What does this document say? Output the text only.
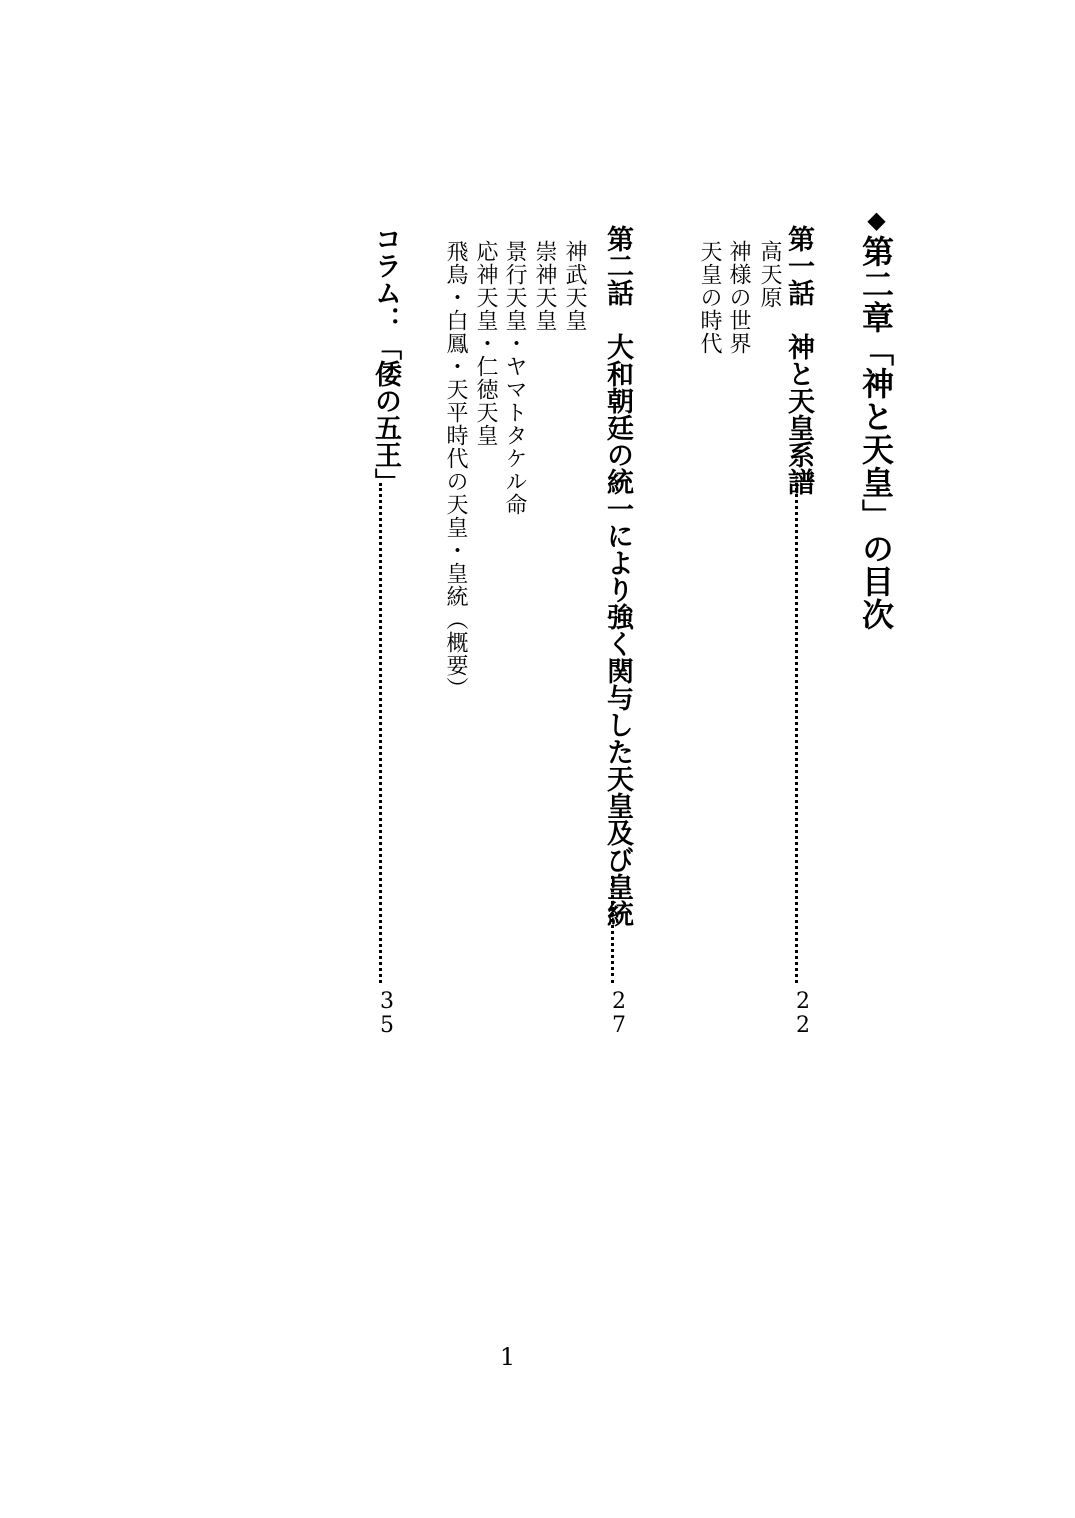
◆第二章「神と天皇」の目次
第一話　神と天皇系譜
2
2
高天原
神様の世界
天皇の時代
第二話　大和朝廷の統一により強く関与した天皇及び皇統
2
7
神武天皇
崇神天皇
景行天皇・ヤマトタケル命
応神天皇・仁徳天皇
飛鳥・白鳳・天平時代の天皇・皇統（概要）
コラム：「倭の五王」
3
5
1
